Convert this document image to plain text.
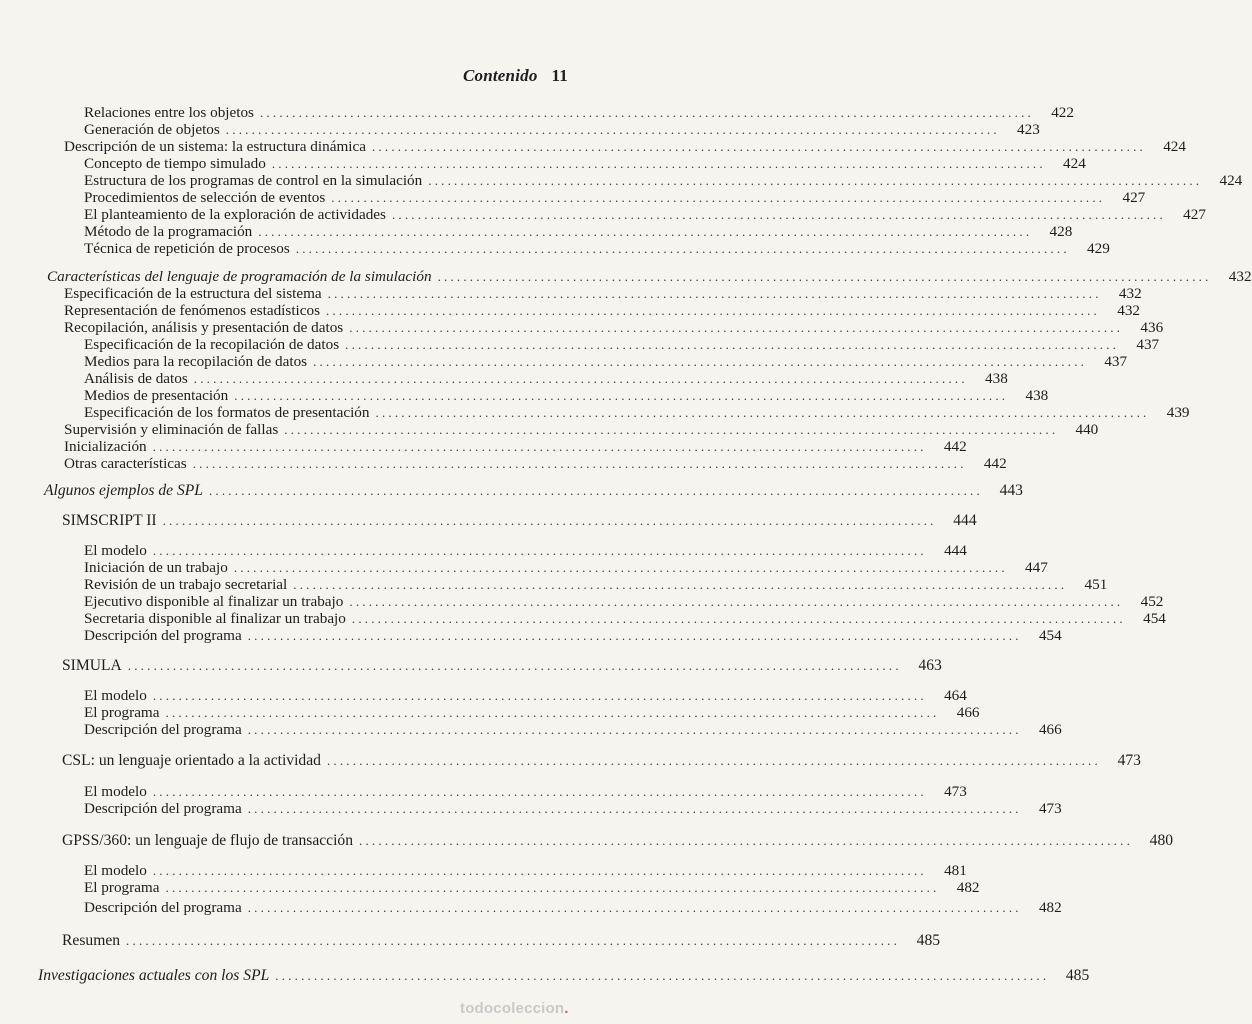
Contenido 11
Relaciones entre los objetos ........................................................................................................................	422
Generación de objetos ........................................................................................................................	423
Descripción de un sistema: la estructura dinámica ........................................................................................................................	424
Concepto de tiempo simulado ........................................................................................................................	424
Estructura de los programas de control en la simulación ........................................................................................................................	424
Procedimientos de selección de eventos ........................................................................................................................	427
El planteamiento de la exploración de actividades ........................................................................................................................	427
Método de la programación ........................................................................................................................	428
Técnica de repetición de procesos ........................................................................................................................	429
Características del lenguaje de programación de la simulación ........................................................................................................................	432
Especificación de la estructura del sistema ........................................................................................................................	432
Representación de fenómenos estadísticos ........................................................................................................................	432
Recopilación, análisis y presentación de datos ........................................................................................................................	436
Especificación de la recopilación de datos ........................................................................................................................	437
Medios para la recopilación de datos ........................................................................................................................	437
Análisis de datos ........................................................................................................................	438
Medios de presentación ........................................................................................................................	438
Especificación de los formatos de presentación ........................................................................................................................	439
Supervisión y eliminación de fallas ........................................................................................................................	440
Inicialización ........................................................................................................................	442
Otras características ........................................................................................................................	442
Algunos ejemplos de SPL ........................................................................................................................	443
SIMSCRIPT II ........................................................................................................................	444
El modelo ........................................................................................................................	444
Iniciación de un trabajo ........................................................................................................................	447
Revisión de un trabajo secretarial ........................................................................................................................	451
Ejecutivo disponible al finalizar un trabajo ........................................................................................................................	452
Secretaria disponible al finalizar un trabajo ........................................................................................................................	454
Descripción del programa ........................................................................................................................	454
SIMULA ........................................................................................................................	463
El modelo ........................................................................................................................	464
El programa ........................................................................................................................	466
Descripción del programa ........................................................................................................................	466
CSL: un lenguaje orientado a la actividad ........................................................................................................................	473
El modelo ........................................................................................................................	473
Descripción del programa ........................................................................................................................	473
GPSS/360: un lenguaje de flujo de transacción ........................................................................................................................	480
El modelo ........................................................................................................................	481
El programa ........................................................................................................................	482
Descripción del programa ........................................................................................................................	482
Resumen ........................................................................................................................	485
Investigaciones actuales con los SPL ........................................................................................................................	485
todocoleccion.
